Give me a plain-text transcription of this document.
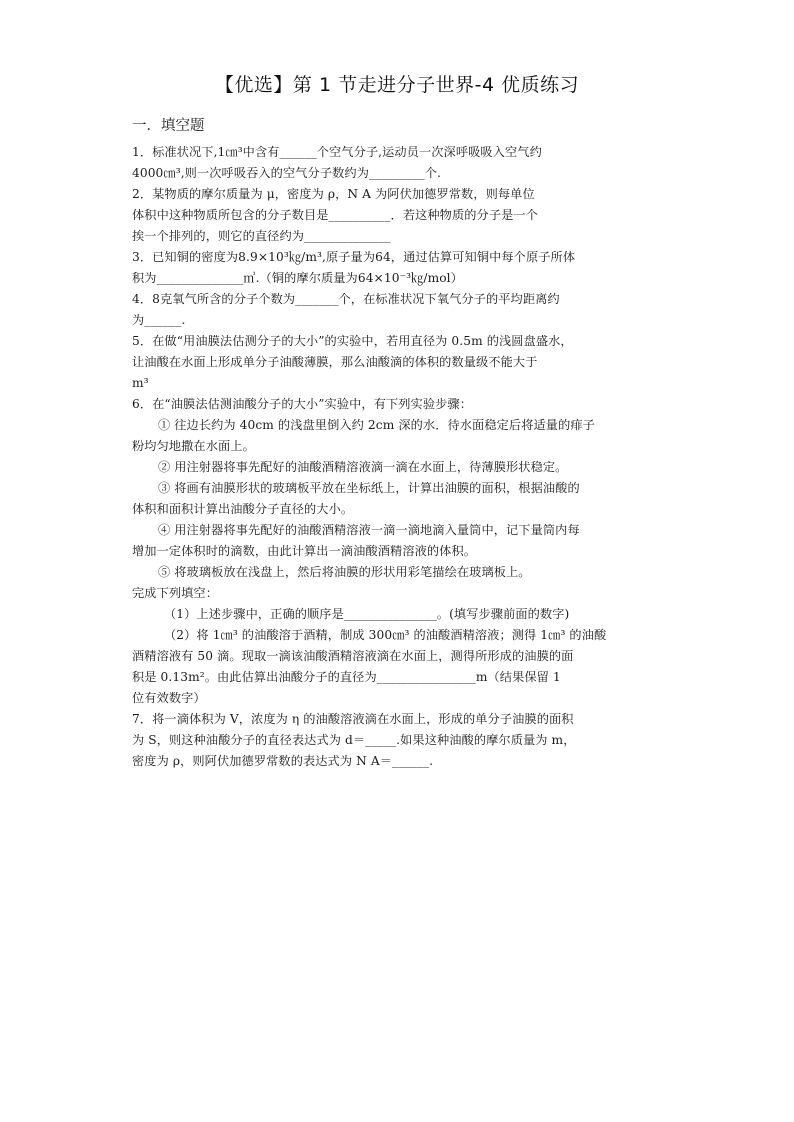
【优选】第 1 节走进分子世界-4 优质练习
一．填空题

1．标准状况下,1㎝³中含有______个空气分子,运动员一次深呼吸吸入空气约

4000㎝³,则一次呼吸吞入的空气分子数约为_________个.

2．某物质的摩尔质量为 μ，密度为 ρ，N A 为阿伏加德罗常数，则每单位

体积中这种物质所包含的分子数目是__________．若这种物质的分子是一个

挨一个排列的，则它的直径约为______________

3．已知铜的密度为8.9×10³㎏/m³,原子量为64，通过估算可知铜中每个原子所体

积为______________㎥.（铜的摩尔质量为64×10⁻³㎏/mol）

4．8克氧气所含的分子个数为_______个，在标准状况下氧气分子的平均距离约

为______.

5．在做“用油膜法估测分子的大小”的实验中，若用直径为 0.5m 的浅圆盘盛水，

让油酸在水面上形成单分子油酸薄膜，那么油酸滴的体积的数量级不能大于

m³

6．在“油膜法估测油酸分子的大小”实验中，有下列实验步骤：

① 往边长约为 40cm 的浅盘里倒入约 2cm 深的水．待水面稳定后将适量的痱子

粉均匀地撒在水面上。

② 用注射器将事先配好的油酸酒精溶液滴一滴在水面上，待薄膜形状稳定。

③ 将画有油膜形状的玻璃板平放在坐标纸上，计算出油膜的面积，根据油酸的

体积和面积计算出油酸分子直径的大小。

④ 用注射器将事先配好的油酸酒精溶液一滴一滴地滴入量筒中，记下量筒内每

增加一定体积时的滴数，由此计算出一滴油酸酒精溶液的体积。

⑤ 将玻璃板放在浅盘上，然后将油膜的形状用彩笔描绘在玻璃板上。

完成下列填空：

（1）上述步骤中，正确的顺序是_______________。(填写步骤前面的数字)

（2）将 1㎝³ 的油酸溶于酒精，制成 300㎝³ 的油酸酒精溶液；测得 1㎝³ 的油酸

酒精溶液有 50 滴。现取一滴该油酸酒精溶液滴在水面上，测得所形成的油膜的面

积是 0.13m²。由此估算出油酸分子的直径为________________m（结果保留 1

位有效数字）

7．将一滴体积为 V，浓度为 η 的油酸溶液滴在水面上，形成的单分子油膜的面积

为 S，则这种油酸分子的直径表达式为 d＝_____.如果这种油酸的摩尔质量为 m，

密度为 ρ，则阿伏加德罗常数的表达式为 N A＝______.
